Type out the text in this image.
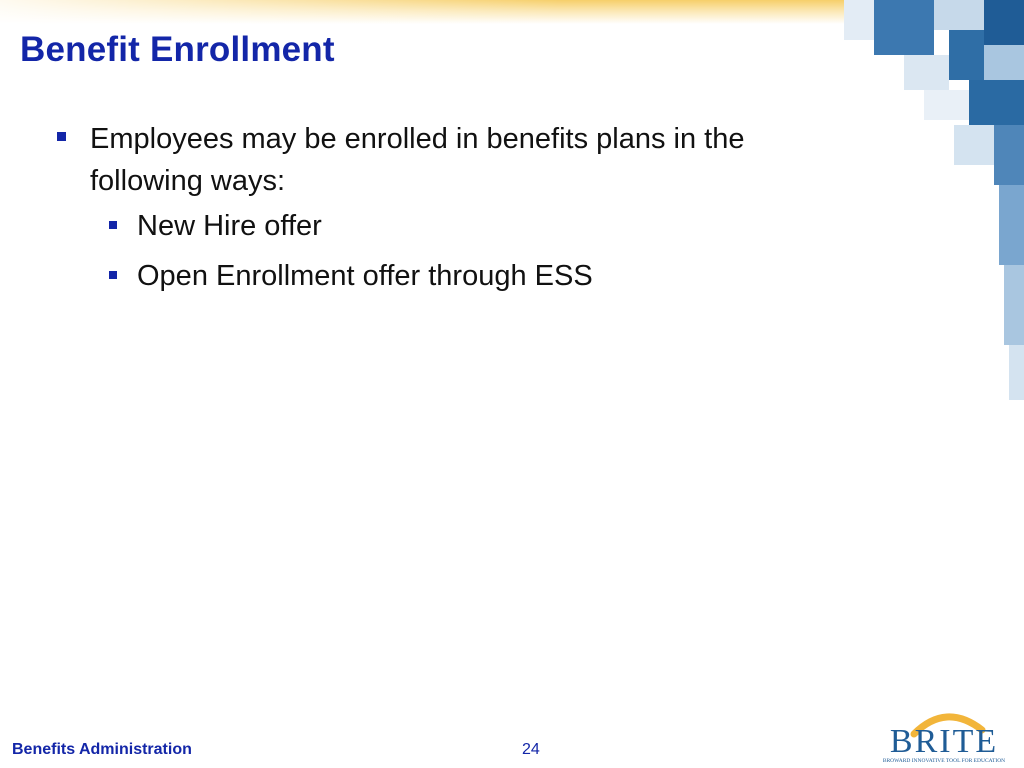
Benefit Enrollment
Employees may be enrolled in benefits plans in the following ways:
New Hire offer
Open Enrollment offer through ESS
Benefits Administration	24	BRITE
BROWARD INNOVATIVE TOOL FOR EDUCATION
